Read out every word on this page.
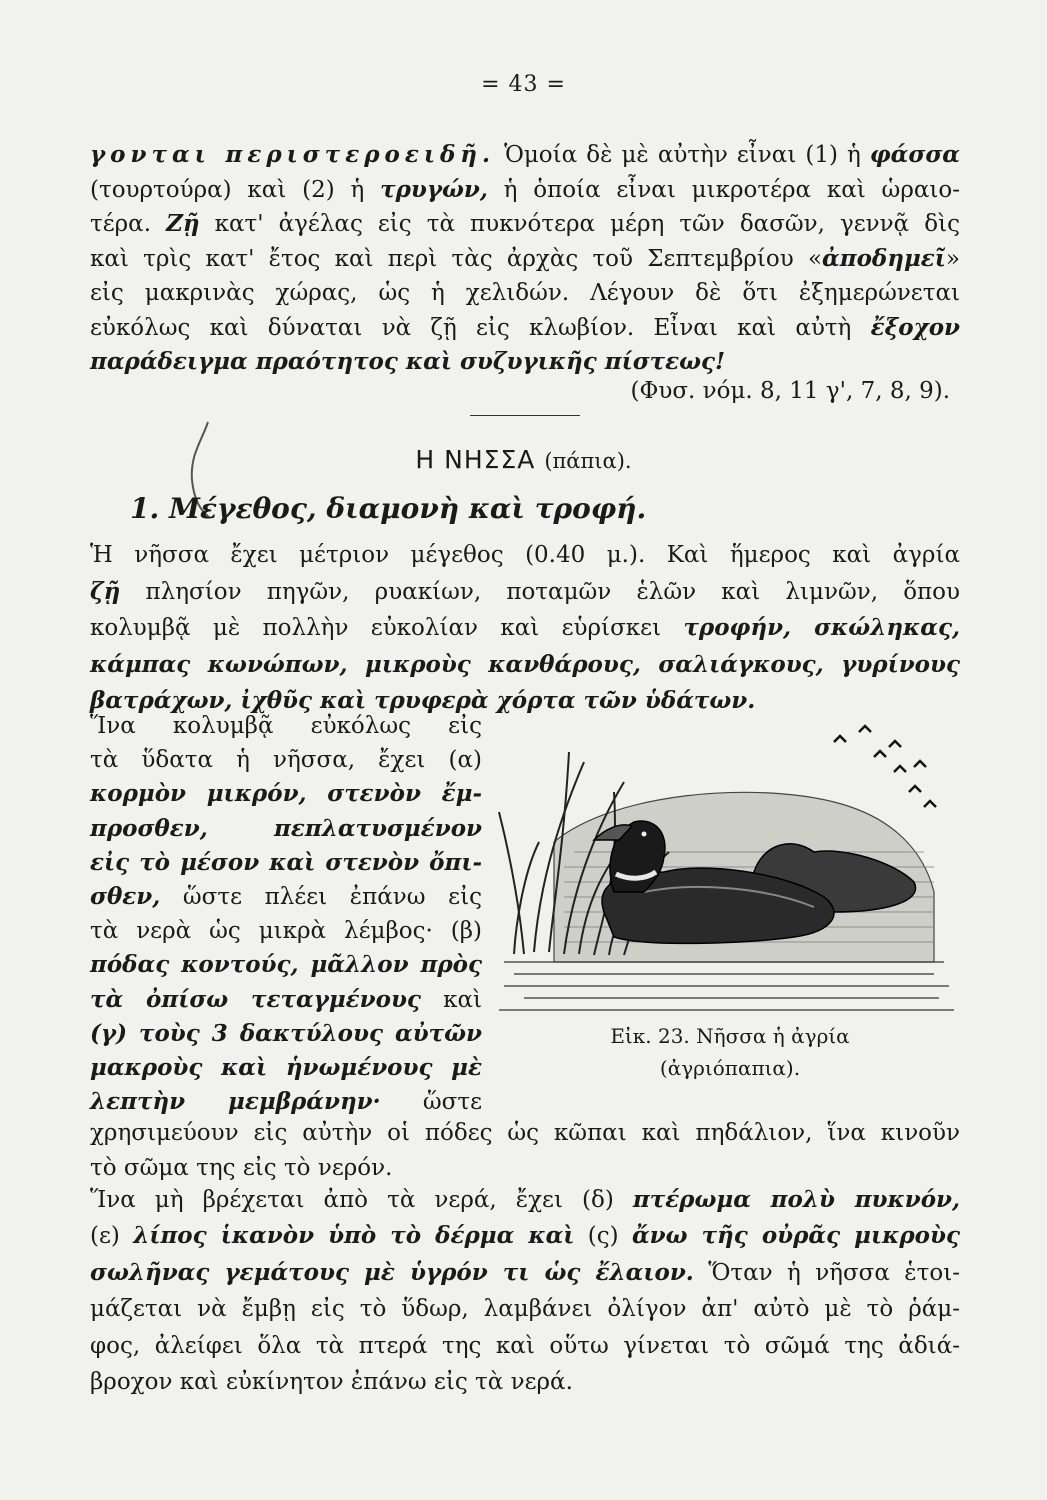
= 43 =
γονται περιστεροειδῆ. Ὁμοία δὲ μὲ αὐτὴν εἶναι (1) ἡ φάσσα
(τουρτούρα) καὶ (2) ἡ τρυγών, ἡ ὁποία εἶναι μικροτέρα καὶ ὡραιο-
τέρα. Ζῇ κατ' ἀγέλας εἰς τὰ πυκνότερα μέρη τῶν δασῶν, γεννᾷ δὶς
καὶ τρὶς κατ' ἔτος καὶ περὶ τὰς ἀρχὰς τοῦ Σεπτεμβρίου «ἀποδημεῖ»
εἰς μακρινὰς χώρας, ὡς ἡ χελιδών. Λέγουν δὲ ὅτι ἐξημερώνεται
εὐκόλως καὶ δύναται νὰ ζῇ εἰς κλωβίον. Εἶναι καὶ αὐτὴ ἔξοχον
παράδειγμα πραότητος καὶ συζυγικῆς πίστεως!
(Φυσ. νόμ. 8, 11 γ', 7, 8, 9).
Η ΝΗΣΣΑ (πάπια).
1. Μέγεθος, διαμονὴ καὶ τροφή.
Ἡ νῆσσα ἔχει μέτριον μέγεθος (0.40 μ.). Καὶ ἥμερος καὶ ἀγρία
ζῇ πλησίον πηγῶν, ρυακίων, ποταμῶν ἑλῶν καὶ λιμνῶν, ὅπου
κολυμβᾷ μὲ πολλὴν εὐκολίαν καὶ εὑρίσκει τροφήν, σκώληκας,
κάμπας κωνώπων, μικροὺς κανθάρους, σαλιάγκους, γυρίνους
βατράχων, ἰχθῦς καὶ τρυφερὰ χόρτα τῶν ὑδάτων.
Ἵνα κολυμβᾷ εὐκόλως εἰς
τὰ ὕδατα ἡ νῆσσα, ἔχει (α)
κορμὸν μικρόν, στενὸν ἔμ-
προσθεν, πεπλατυσμένον
εἰς τὸ μέσον καὶ στενὸν ὄπι-
σθεν, ὥστε πλέει ἐπάνω εἰς
τὰ νερὰ ὡς μικρὰ λέμβος· (β)
πόδας κοντούς, μᾶλλον πρὸς
τὰ ὀπίσω τεταγμένους καὶ
(γ) τοὺς 3 δακτύλους αὐτῶν
μακροὺς καὶ ἡνωμένους μὲ
λεπτὴν μεμβράνην· ὥστε
χρησιμεύουν εἰς αὐτὴν οἱ πόδες ὡς κῶπαι καὶ πηδάλιον, ἵνα κινοῦν
τὸ σῶμα της εἰς τὸ νερόν.
Εἰκ. 23. Νῆσσα ἡ ἀγρία
(ἀγριόπαπια).
Ἵνα μὴ βρέχεται ἀπὸ τὰ νερά, ἔχει (δ) πτέρωμα πολὺ πυκνόν,
(ε) λίπος ἱκανὸν ὑπὸ τὸ δέρμα καὶ (ς) ἄνω τῆς οὐρᾶς μικροὺς
σωλῆνας γεμάτους μὲ ὑγρόν τι ὡς ἔλαιον. Ὅταν ἡ νῆσσα ἑτοι-
μάζεται νὰ ἔμβῃ εἰς τὸ ὕδωρ, λαμβάνει ὀλίγον ἀπ' αὐτὸ μὲ τὸ ῥάμ-
φος, ἀλείφει ὅλα τὰ πτερά της καὶ οὕτω γίνεται τὸ σῶμά της ἀδιά-
βροχον καὶ εὐκίνητον ἐπάνω εἰς τὰ νερά.
